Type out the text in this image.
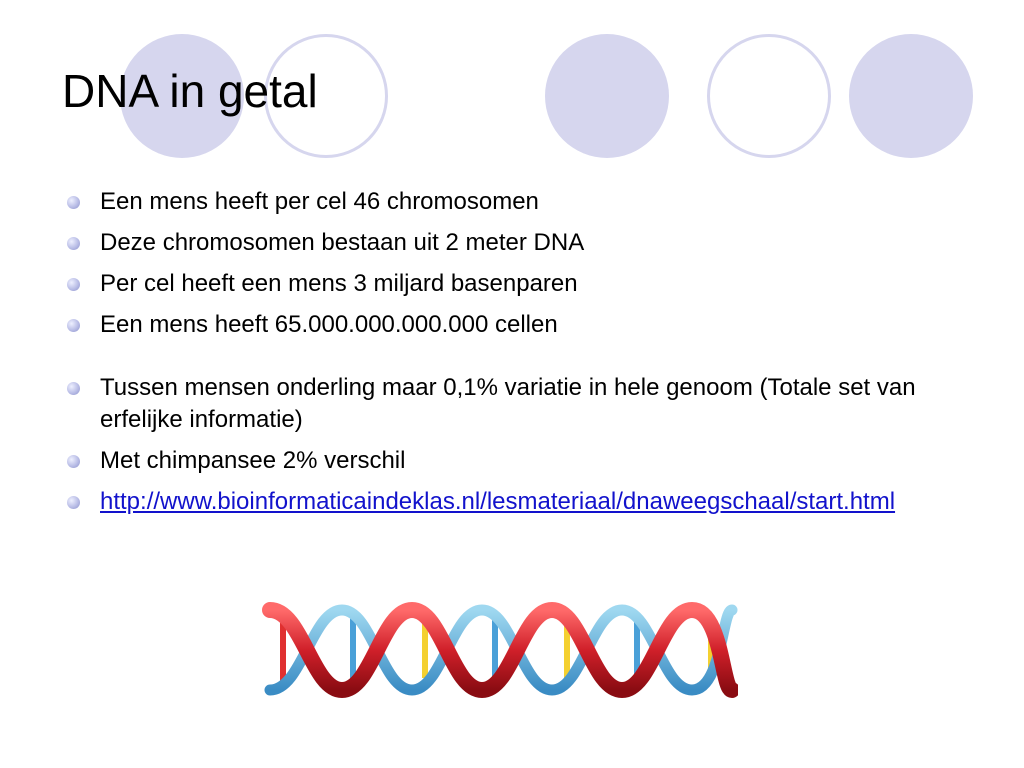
DNA in getal
Een mens heeft per cel 46 chromosomen
Deze chromosomen bestaan uit 2 meter DNA
Per cel heeft een mens 3 miljard basenparen
Een mens heeft 65.000.000.000.000 cellen
Tussen mensen onderling maar 0,1% variatie in hele genoom (Totale set van erfelijke informatie)
Met chimpansee 2% verschil
http://www.bioinformaticaindeklas.nl/lesmateriaal/dnaweegschaal/start.html
